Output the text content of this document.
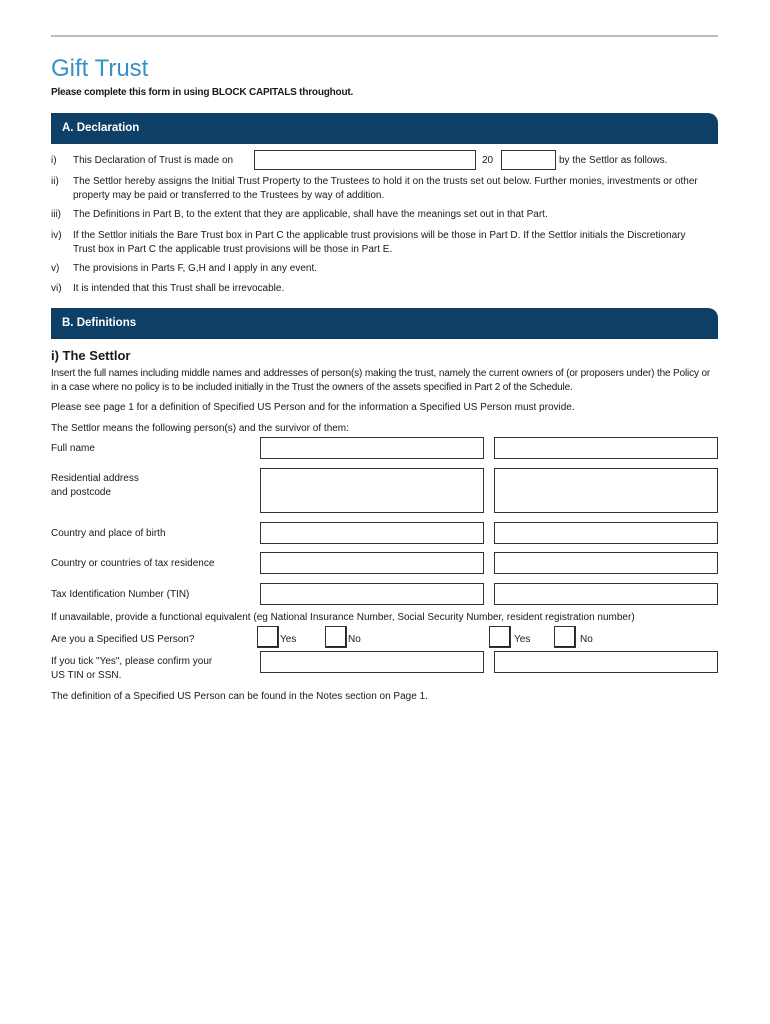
Gift Trust
Please complete this form in using BLOCK CAPITALS throughout.
A. Declaration
i) This Declaration of Trust is made on	20	by the Settlor as follows.
ii) The Settlor hereby assigns the Initial Trust Property to the Trustees to hold it on the trusts set out below. Further monies, investments or other property may be paid or transferred to the Trustees by way of addition.
iii) The Definitions in Part B, to the extent that they are applicable, shall have the meanings set out in that Part.
iv) If the Settlor initials the Bare Trust box in Part C the applicable trust provisions will be those in Part D. If the Settlor initials the Discretionary Trust box in Part C the applicable trust provisions will be those in Part E.
v) The provisions in Parts F, G,H and I apply in any event.
vi) It is intended that this Trust shall be irrevocable.
B. Definitions
i) The Settlor
Insert the full names including middle names and addresses of person(s) making the trust, namely the current owners of (or proposers under) the Policy or in a case where no policy is to be included initially in the Trust the owners of the assets specified in Part 2 of the Schedule.
Please see page 1 for a definition of Specified US Person and for the information a Specified US Person must provide.
The Settlor means the following person(s) and the survivor of them:
Full name
Residential address
and postcode
Country and place of birth
Country or countries of tax residence
Tax Identification Number (TIN)
If unavailable, provide a functional equivalent (eg National Insurance Number, Social Security Number, resident registration number)
Are you a Specified US Person?	Yes	No	Yes	No
If you tick "Yes", please confirm your
US TIN or SSN.
The definition of a Specified US Person can be found in the Notes section on Page 1.
